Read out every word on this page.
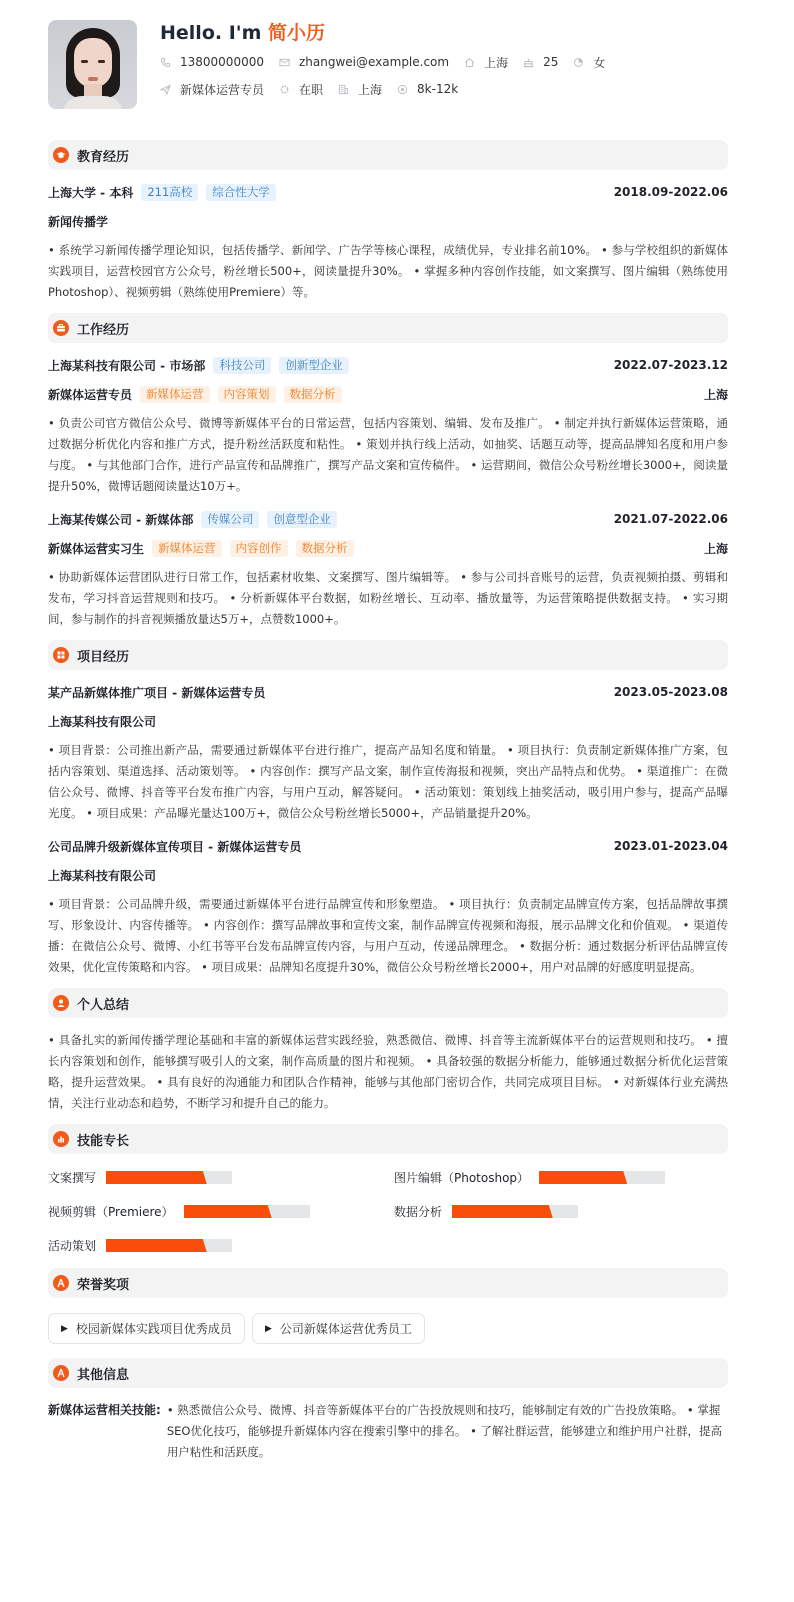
Hello. I'm 简小历
13800000000	zhangwei@example.com	上海	25	女
新媒体运营专员	在职	上海	8k-12k
教育经历
上海大学 - 本科	211高校	综合性大学	2018.09-2022.06
新闻传播学
• 系统学习新闻传播学理论知识，包括传播学、新闻学、广告学等核心课程，成绩优异，专业排名前10%。 • 参与学校组织的新媒体实践项目，运营校园官方公众号，粉丝增长500+，阅读量提升30%。 • 掌握多种内容创作技能，如文案撰写、图片编辑（熟练使用Photoshop）、视频剪辑（熟练使用Premiere）等。
工作经历
上海某科技有限公司 - 市场部	科技公司	创新型企业	2022.07-2023.12
新媒体运营专员	新媒体运营	内容策划	数据分析	上海
• 负责公司官方微信公众号、微博等新媒体平台的日常运营，包括内容策划、编辑、发布及推广。 • 制定并执行新媒体运营策略，通过数据分析优化内容和推广方式，提升粉丝活跃度和粘性。 • 策划并执行线上活动，如抽奖、话题互动等，提高品牌知名度和用户参与度。 • 与其他部门合作，进行产品宣传和品牌推广，撰写产品文案和宣传稿件。 • 运营期间，微信公众号粉丝增长3000+，阅读量提升50%，微博话题阅读量达10万+。
上海某传媒公司 - 新媒体部	传媒公司	创意型企业	2021.07-2022.06
新媒体运营实习生	新媒体运营	内容创作	数据分析	上海
• 协助新媒体运营团队进行日常工作，包括素材收集、文案撰写、图片编辑等。 • 参与公司抖音账号的运营，负责视频拍摄、剪辑和发布，学习抖音运营规则和技巧。 • 分析新媒体平台数据，如粉丝增长、互动率、播放量等，为运营策略提供数据支持。 • 实习期间，参与制作的抖音视频播放量达5万+，点赞数1000+。
项目经历
某产品新媒体推广项目 - 新媒体运营专员	2023.05-2023.08
上海某科技有限公司
• 项目背景：公司推出新产品，需要通过新媒体平台进行推广，提高产品知名度和销量。 • 项目执行：负责制定新媒体推广方案，包括内容策划、渠道选择、活动策划等。 • 内容创作：撰写产品文案，制作宣传海报和视频，突出产品特点和优势。 • 渠道推广：在微信公众号、微博、抖音等平台发布推广内容，与用户互动，解答疑问。 • 活动策划：策划线上抽奖活动，吸引用户参与，提高产品曝光度。 • 项目成果：产品曝光量达100万+，微信公众号粉丝增长5000+，产品销量提升20%。
公司品牌升级新媒体宣传项目 - 新媒体运营专员	2023.01-2023.04
上海某科技有限公司
• 项目背景：公司品牌升级，需要通过新媒体平台进行品牌宣传和形象塑造。 • 项目执行：负责制定品牌宣传方案，包括品牌故事撰写、形象设计、内容传播等。 • 内容创作：撰写品牌故事和宣传文案，制作品牌宣传视频和海报，展示品牌文化和价值观。 • 渠道传播：在微信公众号、微博、小红书等平台发布品牌宣传内容，与用户互动，传递品牌理念。 • 数据分析：通过数据分析评估品牌宣传效果，优化宣传策略和内容。 • 项目成果：品牌知名度提升30%，微信公众号粉丝增长2000+，用户对品牌的好感度明显提高。
个人总结
• 具备扎实的新闻传播学理论基础和丰富的新媒体运营实践经验，熟悉微信、微博、抖音等主流新媒体平台的运营规则和技巧。 • 擅长内容策划和创作，能够撰写吸引人的文案，制作高质量的图片和视频。 • 具备较强的数据分析能力，能够通过数据分析优化运营策略，提升运营效果。 • 具有良好的沟通能力和团队合作精神，能够与其他部门密切合作，共同完成项目目标。 • 对新媒体行业充满热情，关注行业动态和趋势，不断学习和提升自己的能力。
技能专长
文案撰写	图片编辑（Photoshop）
视频剪辑（Premiere）	数据分析
活动策划
荣誉奖项
▶ 校园新媒体实践项目优秀成员	▶ 公司新媒体运营优秀员工
其他信息
新媒体运营相关技能: • 熟悉微信公众号、微博、抖音等新媒体平台的广告投放规则和技巧，能够制定有效的广告投放策略。 • 掌握SEO优化技巧，能够提升新媒体内容在搜索引擎中的排名。 • 了解社群运营，能够建立和维护用户社群，提高用户粘性和活跃度。
